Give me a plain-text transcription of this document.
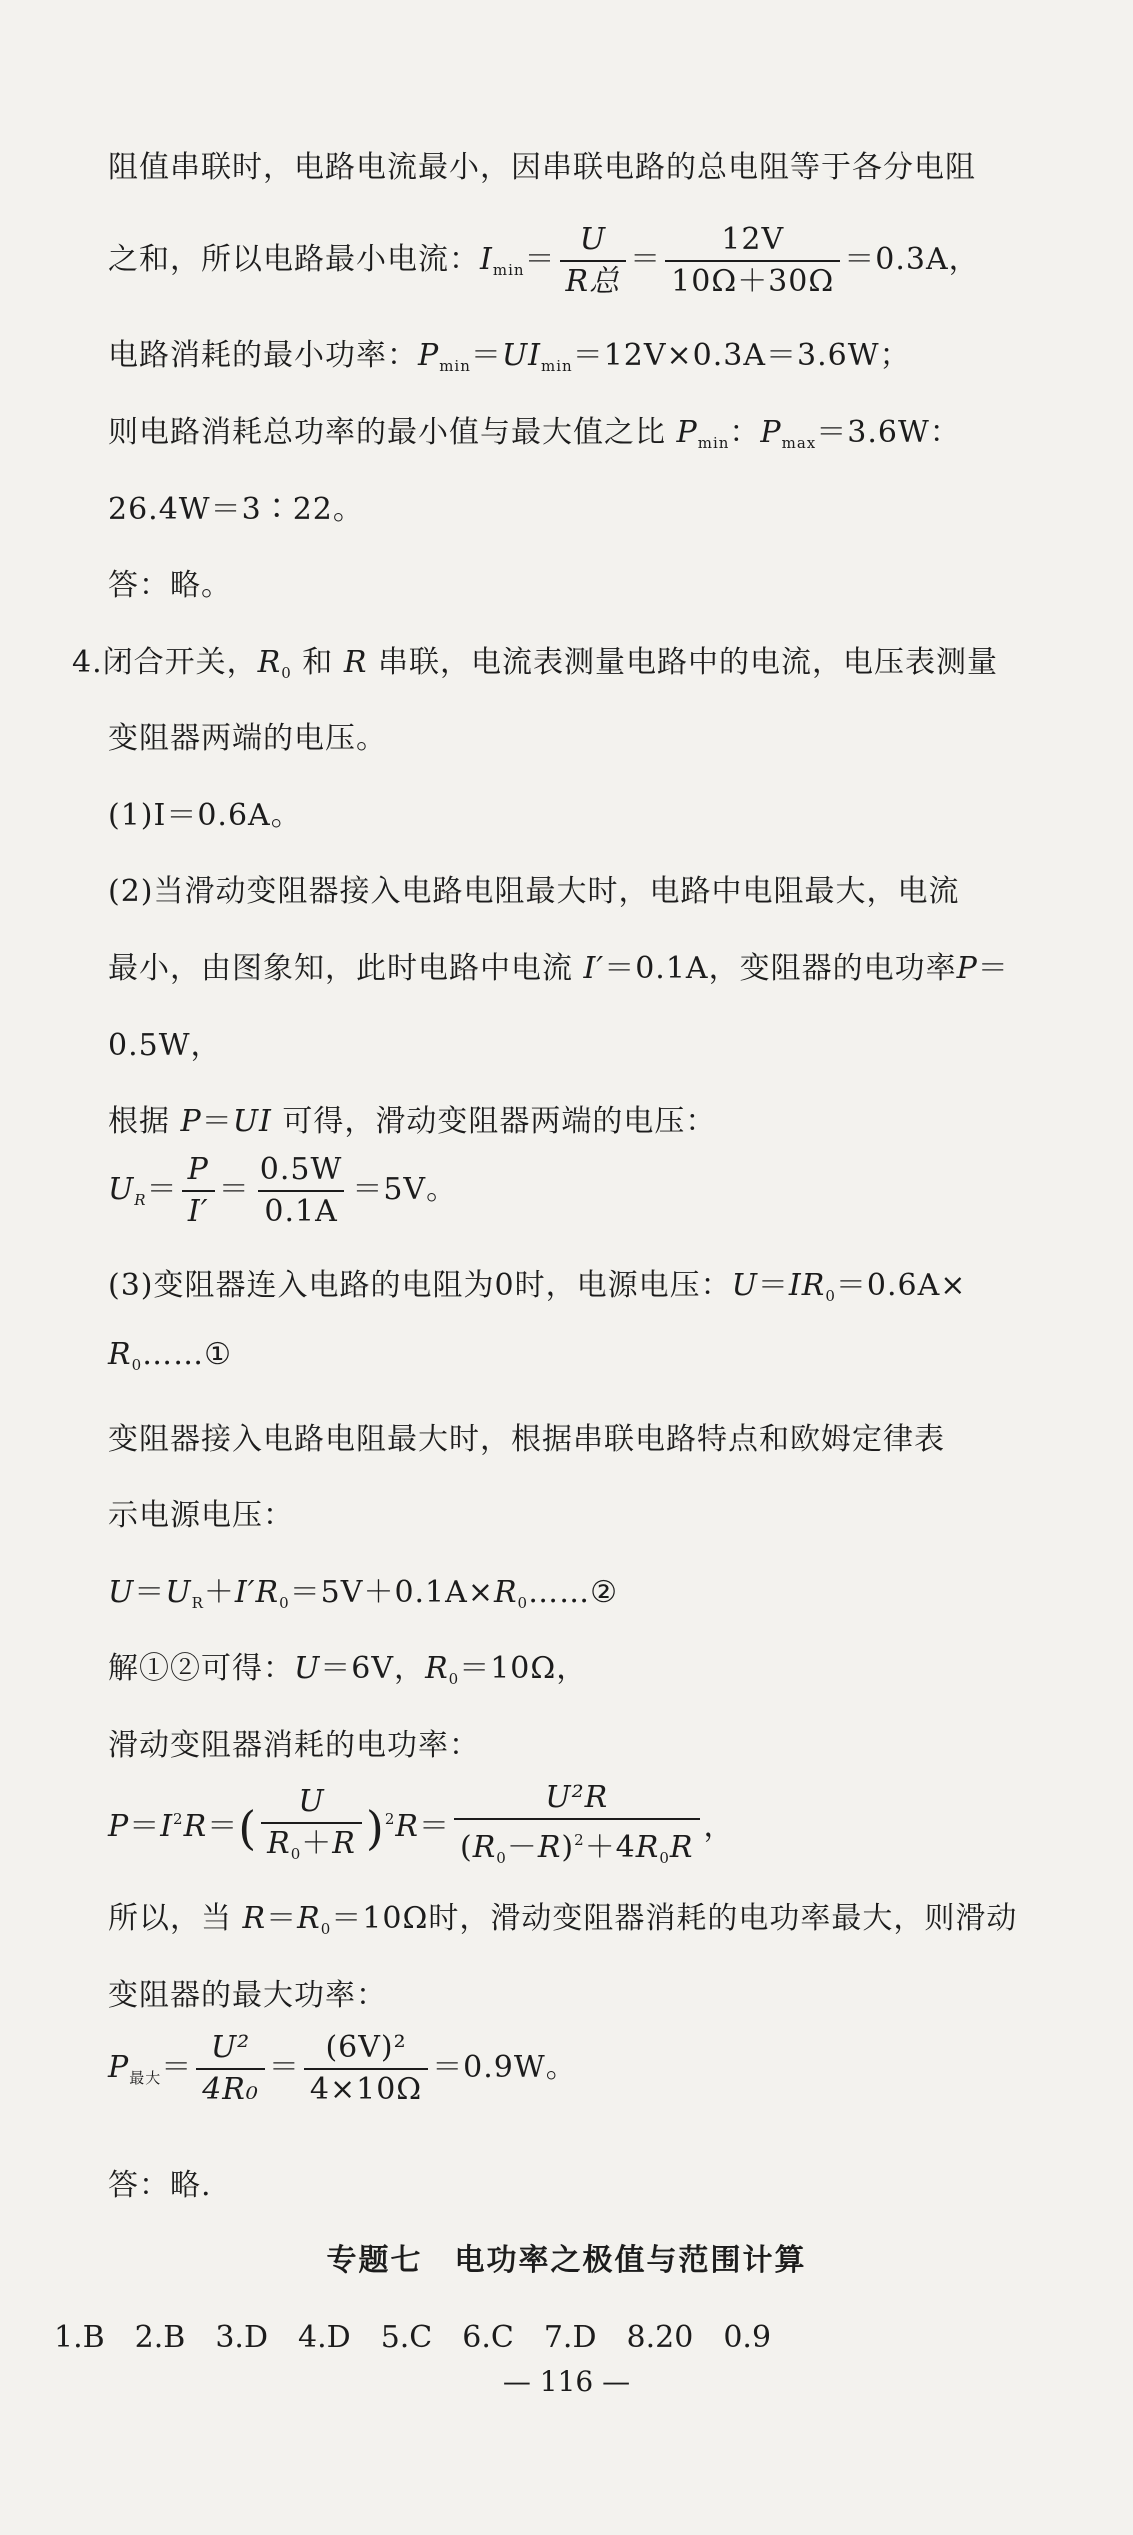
阻值串联时，电路电流最小，因串联电路的总电阻等于各分电阻
之和，所以电路最小电流：$I_{min}= \frac{U}{\text{R总}} = \frac{12V}{10\Omega+30\Omega} =0.3A$，
电路消耗的最小功率：$P_{min}=UI_{min}=12V\times 0.3A=3.6W$；
则电路消耗总功率的最小值与最大值之比 $P_{min}$：$P_{max}=3.6W$：
26.4W＝3∶22。
答：略。
4.闭合开关，$R_0$ 和 R 串联，电流表测量电路中的电流，电压表测量
变阻器两端的电压。
(1)I＝0.6A。
(2)当滑动变阻器接入电路电阻最大时，电路中电阻最大，电流
最小，由图象知，此时电路中电流 I′＝0.1A，变阻器的电功率P＝
0.5W，
根据 P＝UI 可得，滑动变阻器两端的电压：
$U_R= \frac{P}{I'} = \frac{0.5W}{0.1A} =5V$。
(3)变阻器连入电路的电阻为0时，电源电压：$U=IR_0=0.6A\times$
$R_0\dots\dots ①$
变阻器接入电路电阻最大时，根据串联电路特点和欧姆定律表
示电源电压：
$U=U_R+I'R_0=5V+0.1A\times R_0\dots\dots ②$
解①②可得：U＝6V，$R_0=10\Omega$，
滑动变阻器消耗的电功率：
$P=I^2R=( \frac{U}{R_0+R} )^2R= \frac{\text{U²R}}{(R_0-R)^2+4R_0R}$ ，
所以，当 $R=R_0=10\Omega$时，滑动变阻器消耗的电功率最大，则滑动
变阻器的最大功率：
$P_{最大}= \frac{\text{U²}}{\text{4R₀}} = \frac{\text{(6V)²}}{4\times 10\Omega} =0.9W$。
答：略.
专题七　电功率之极值与范围计算
1.B　2.B　3.D　4.D　5.C　6.C　7.D　8.20　0.9
— 116 —
